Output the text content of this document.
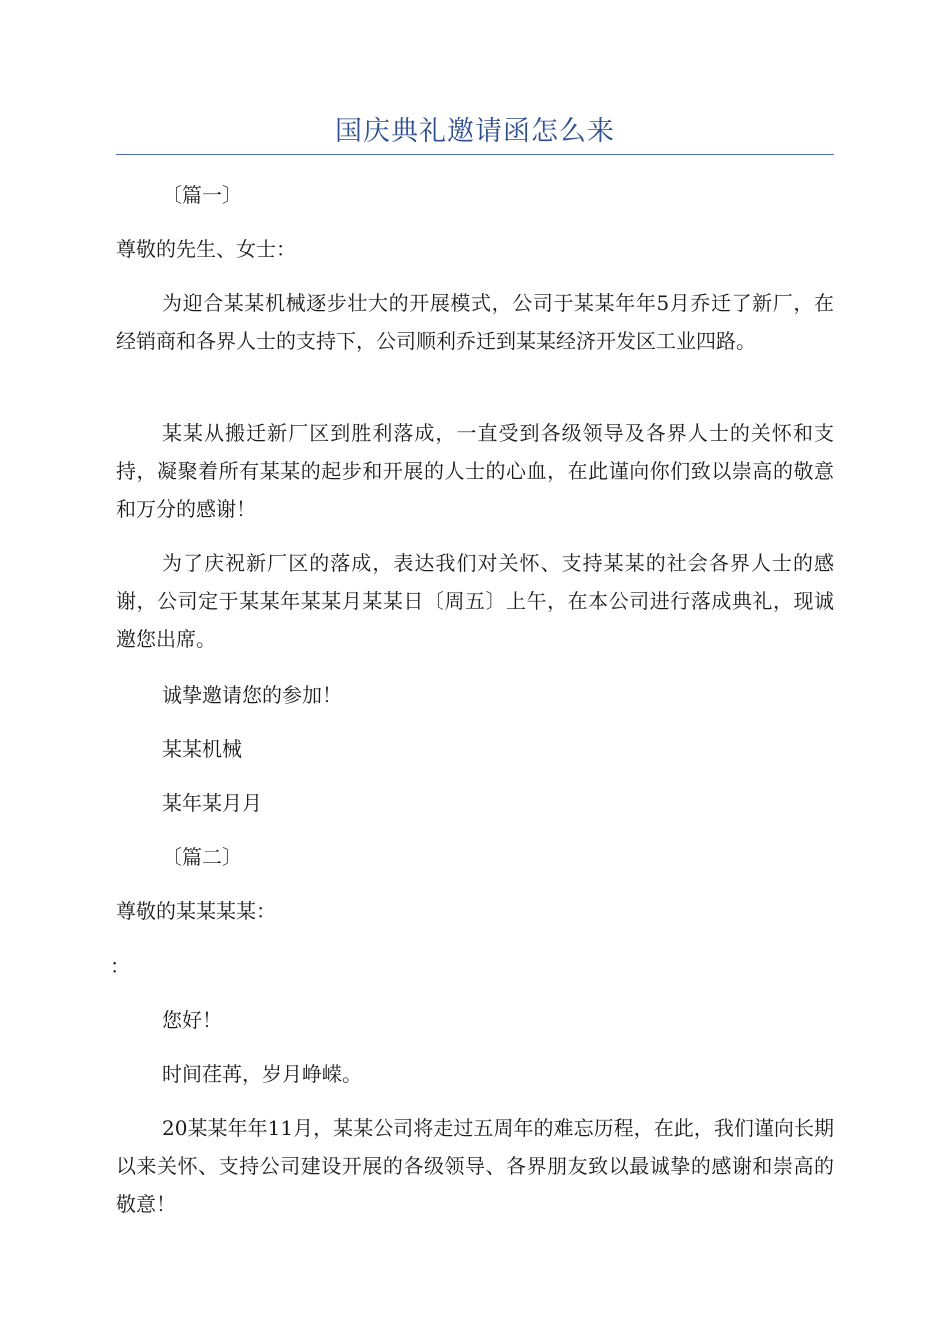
国庆典礼邀请函怎么来
〔篇一〕
尊敬的先生、女士：
为迎合某某机械逐步壮大的开展模式，公司于某某年年5月乔迁了新厂，在经销商和各界人士的支持下，公司顺利乔迁到某某经济开发区工业四路。
某某从搬迁新厂区到胜利落成，一直受到各级领导及各界人士的关怀和支持，凝聚着所有某某的起步和开展的人士的心血，在此谨向你们致以崇高的敬意和万分的感谢！
为了庆祝新厂区的落成，表达我们对关怀、支持某某的社会各界人士的感谢，公司定于某某年某某月某某日〔周五〕上午，在本公司进行落成典礼，现诚邀您出席。
诚挚邀请您的参加！
某某机械
某年某月月
〔篇二〕
尊敬的某某某某：
：
您好！
时间荏苒，岁月峥嵘。
20某某年年11月，某某公司将走过五周年的难忘历程，在此，我们谨向长期以来关怀、支持公司建设开展的各级领导、各界朋友致以最诚挚的感谢和崇高的敬意！
